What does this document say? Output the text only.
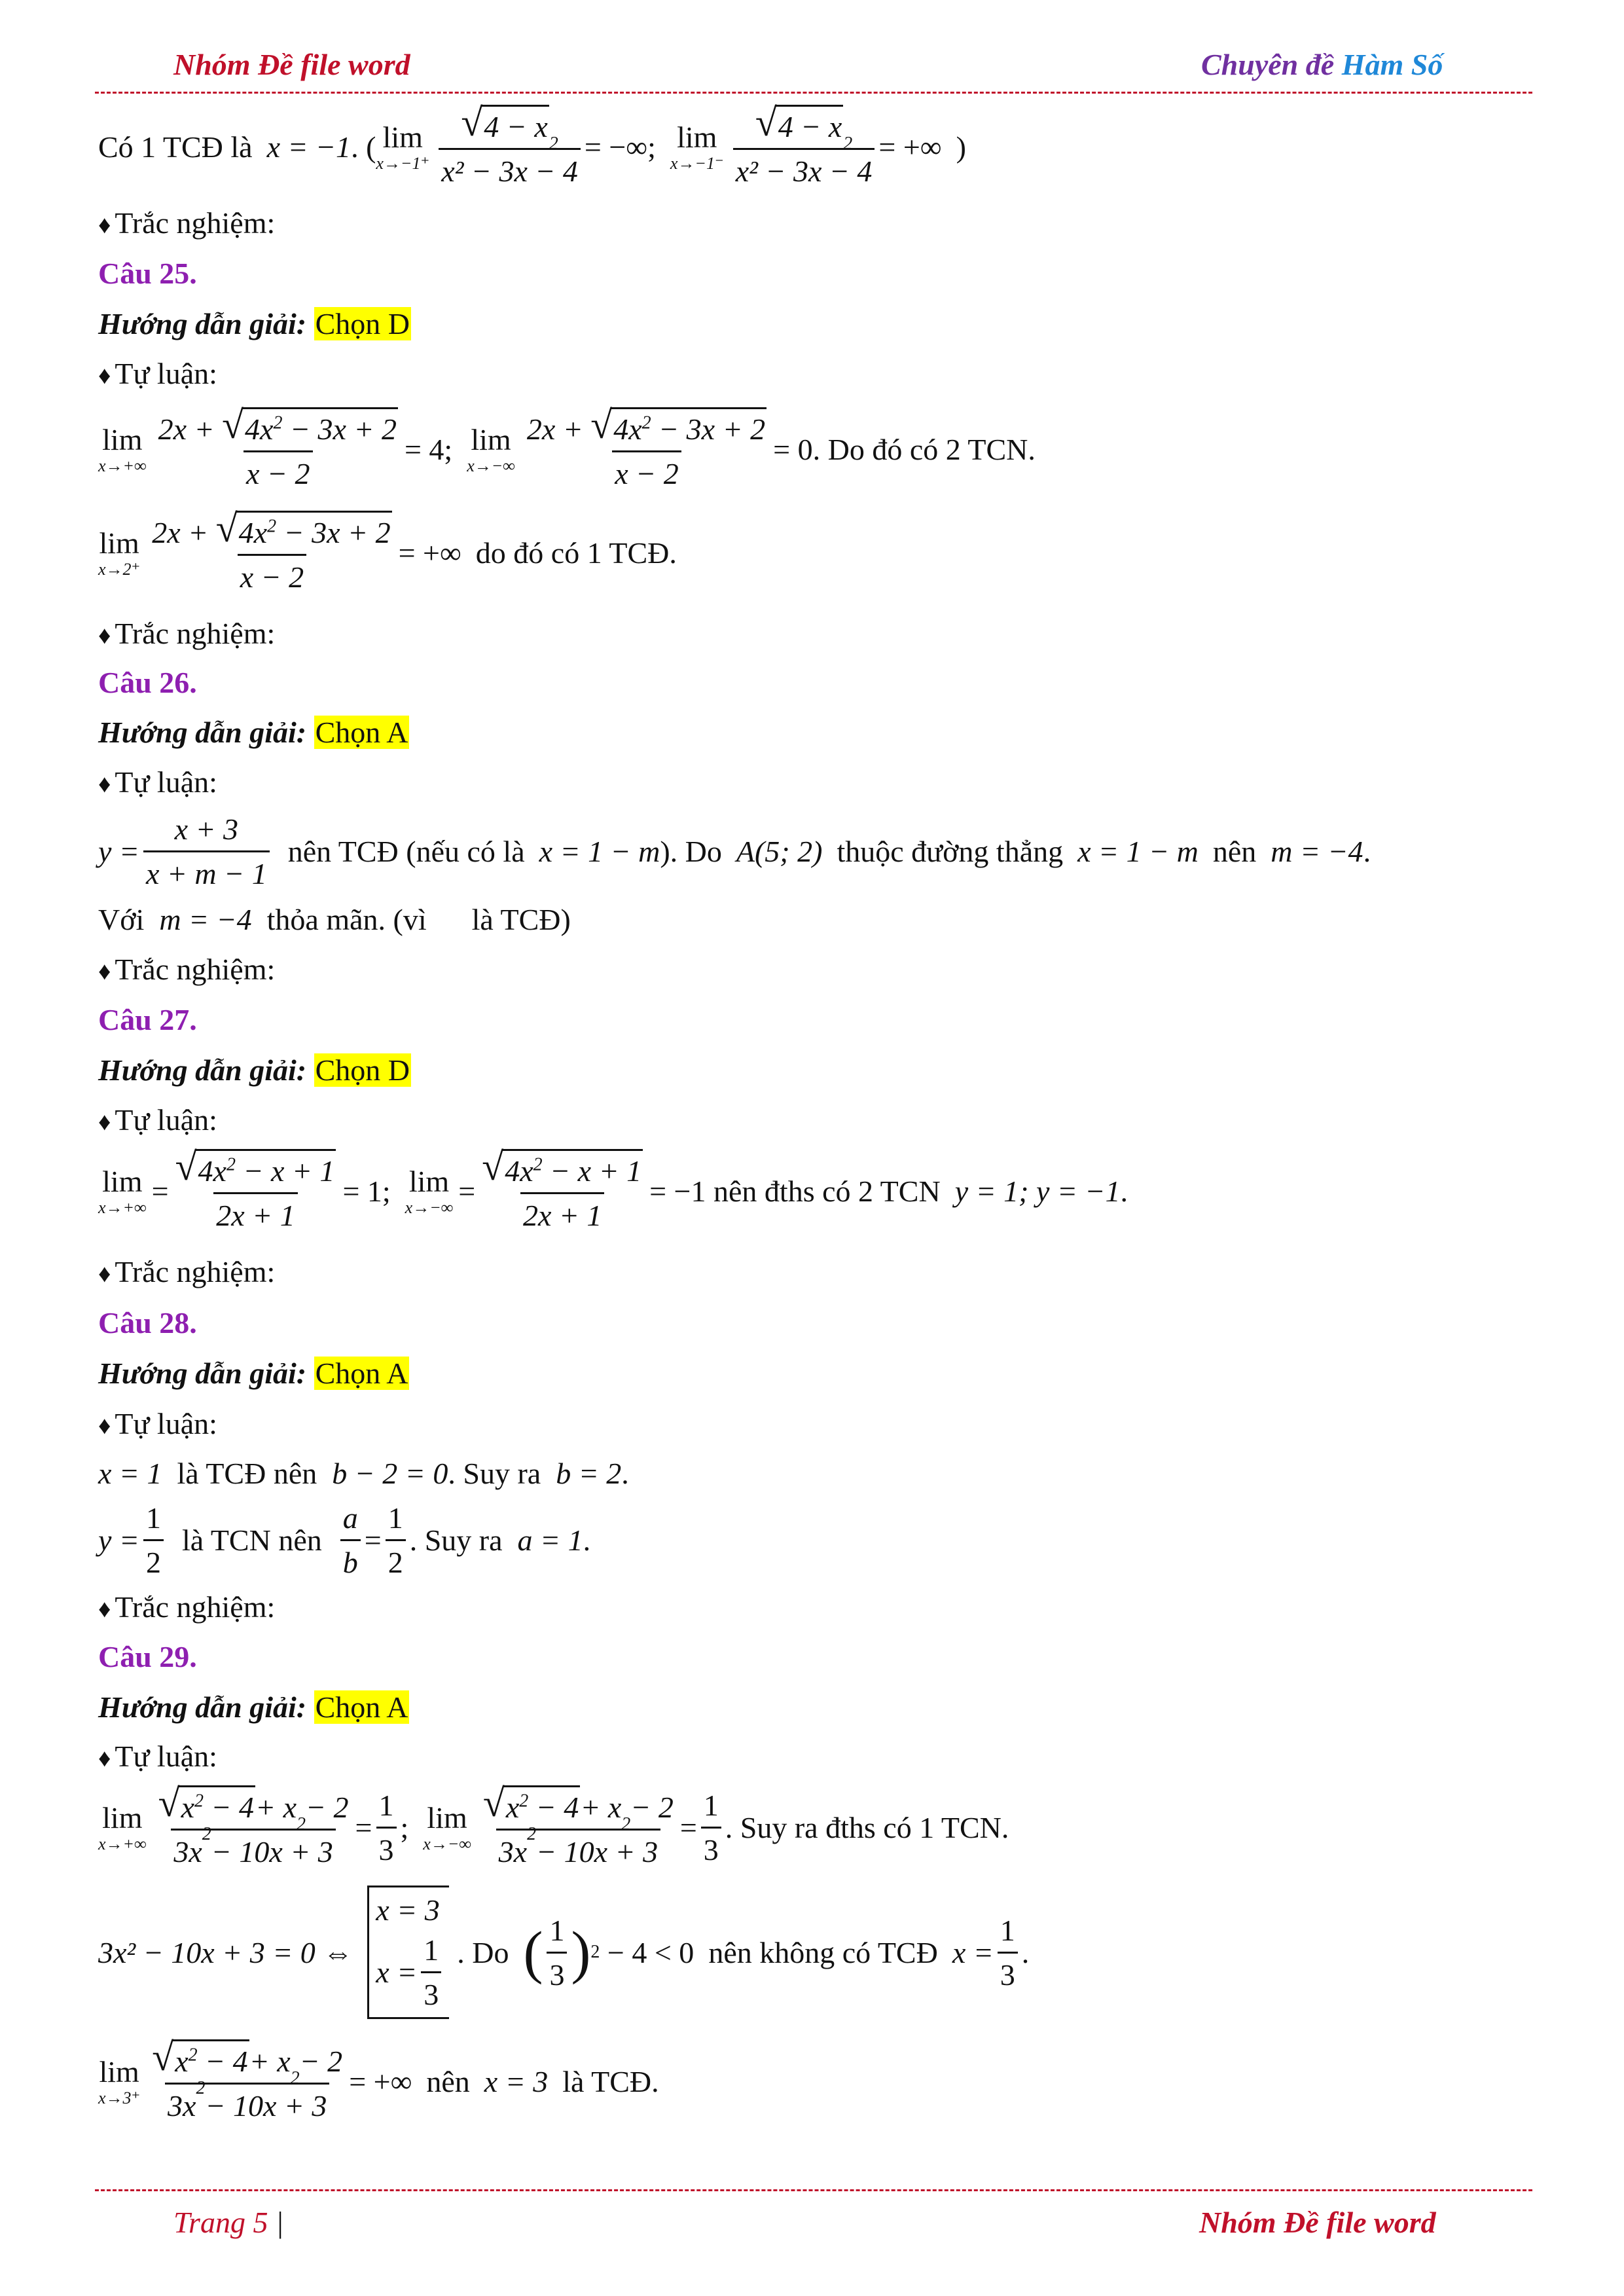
Nhóm Đề file word	Chuyên đề Hàm Số
Có 1 TCĐ là x = −1 . ( lim
x→−1⁺ √ 4 − x
2
x² − 3x − 4 = −∞; lim
x→−1⁻ √ 4 − x
2
x² − 3x − 4 = +∞ )
♦ Trắc nghiệm:
Câu 25.
Hướng dẫn giải: Chọn D
♦ Tự luận:
lim
x→+∞ 2x +
√ $4x^2 - 3x + 2$
x − 2 = 4; lim
x→−∞ 2x +
√ $4x^2 - 3x + 2$
x − 2 = 0 . Do đó có 2 TCN.
lim
x→2⁺ 2x +
√ $4x^2 - 3x + 2$
x − 2 = +∞ do đó có 1 TCĐ.
♦ Trắc nghiệm:
Câu 26.
Hướng dẫn giải: Chọn A
♦ Tự luận:
$y = \frac{x + 3}{x + m - 1}$ nên TCĐ (nếu có là x = 1 − m ). Do A(5; 2) thuộc đường thẳng x = 1 − m nên m = −4 .
Với m = −4 thỏa mãn. (vì là TCĐ)
♦ Trắc nghiệm:
Câu 27.
Hướng dẫn giải: Chọn D
♦ Tự luận:
lim
x→+∞
= $\frac{√ 4x^2 - x + 1}{2x + 1} = 1$; lim
x→−∞
= $\frac{√ 4x^2 - x + 1}{2x + 1} = -1$
nên đths có 2 TCN y = 1; y = −1 .
♦ Trắc nghiệm:
Câu 28.
Hướng dẫn giải: Chọn A
♦ Tự luận:
x = 1 là TCĐ nên b − 2 = 0. Suy ra b = 2.
$y = \frac{1}{2}$ là TCN nên $\frac{a}{b} = \frac{1}{2}$ . Suy ra
a = 1 .
♦ Trắc nghiệm:
Câu 29.
Hướng dẫn giải: Chọn A
♦ Tự luận:
lim
x→+∞ √ $x^2 - 4 + x$
2
− 2
3x
2
− $10x + 3 = \frac{1}{3}$ ; lim
x→−∞ √ $x^2 - 4 + x$
2
− 2
3x
2
− $10x + 3 = \frac{1}{3}$ . Suy ra đths có 1 TCN.
3x² − 10x + 3 = 0 ⇔
x = 3
$x = \frac{1}{3}$ . Do ( $\frac{1}{3}$ ) 2
− 4 < 0 nên không có TCĐ $x = \frac{1}{3}$ .
lim
x→3⁺ √ $x^2 - 4 + x$
2
− 2
3x
2
− 10x + 3 = +∞ nên x = 3 là TCĐ.
Trang 5 |	Nhóm Đề file word
